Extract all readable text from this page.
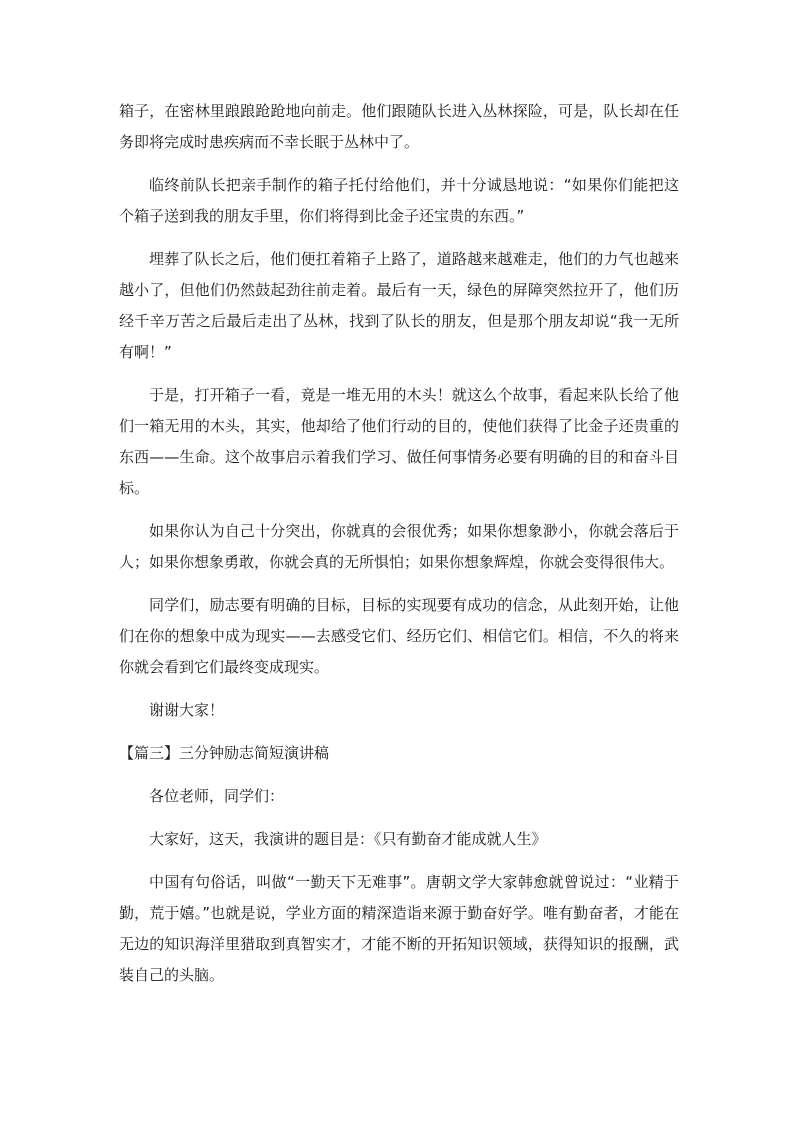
箱子，在密林里踉踉跄跄地向前走。他们跟随队长进入丛林探险，可是，队长却在任务即将完成时患疾病而不幸长眠于丛林中了。

临终前队长把亲手制作的箱子托付给他们，并十分诚恳地说：“如果你们能把这个箱子送到我的朋友手里，你们将得到比金子还宝贵的东西。”

埋葬了队长之后，他们便扛着箱子上路了，道路越来越难走，他们的力气也越来越小了，但他们仍然鼓起劲往前走着。最后有一天，绿色的屏障突然拉开了，他们历经千辛万苦之后最后走出了丛林，找到了队长的朋友，但是那个朋友却说“我一无所有啊！”

于是，打开箱子一看，竟是一堆无用的木头！就这么个故事，看起来队长给了他们一箱无用的木头，其实，他却给了他们行动的目的，使他们获得了比金子还贵重的东西——生命。这个故事启示着我们学习、做任何事情务必要有明确的目的和奋斗目标。

如果你认为自己十分突出，你就真的会很优秀；如果你想象渺小，你就会落后于人；如果你想象勇敢，你就会真的无所惧怕；如果你想象辉煌，你就会变得很伟大。

同学们，励志要有明确的目标，目标的实现要有成功的信念，从此刻开始，让他们在你的想象中成为现实——去感受它们、经历它们、相信它们。相信，不久的将来你就会看到它们最终变成现实。

谢谢大家！

【篇三】三分钟励志简短演讲稿

各位老师，同学们：

大家好，这天，我演讲的题目是：《只有勤奋才能成就人生》

中国有句俗话，叫做“一勤天下无难事”。唐朝文学大家韩愈就曾说过：“业精于勤，荒于嬉。”也就是说，学业方面的精深造诣来源于勤奋好学。唯有勤奋者，才能在无边的知识海洋里猎取到真智实才，才能不断的开拓知识领域，获得知识的报酬，武装自己的头脑。
